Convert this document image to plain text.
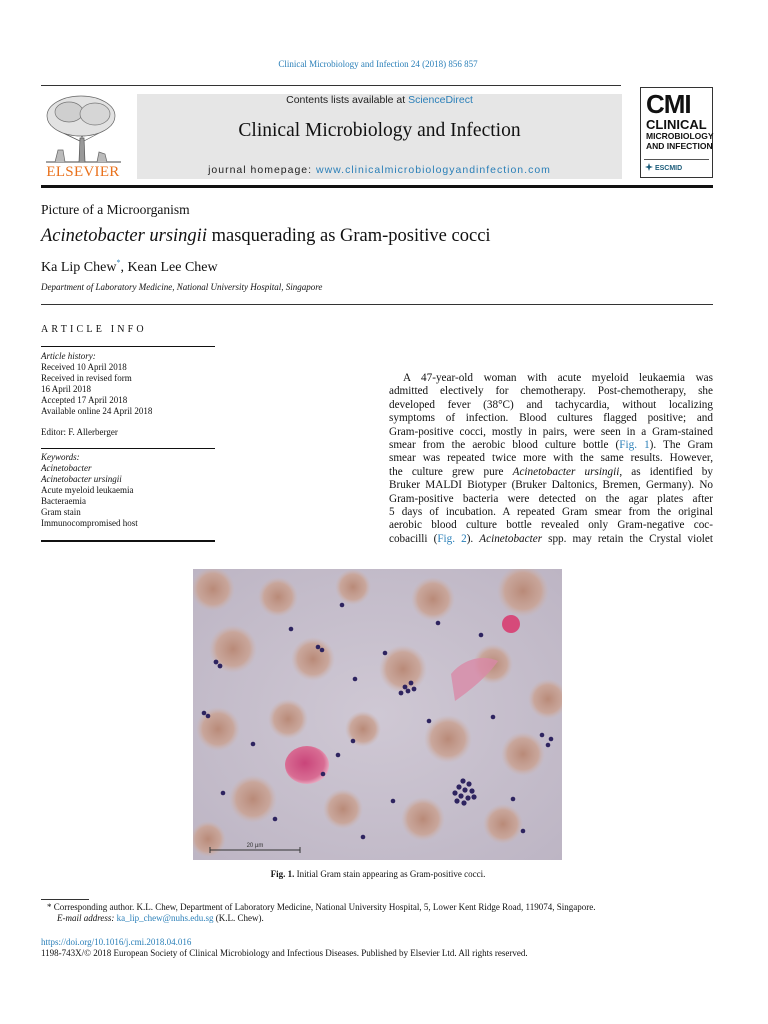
Clinical Microbiology and Infection 24 (2018) 856 857
ELSEVIER
Contents lists available at ScienceDirect
Clinical Microbiology and Infection
journal homepage: www.clinicalmicrobiologyandinfection.com
CMI
CLINICAL
MICROBIOLOGY
AND INFECTION
ESCMID
Picture of a Microorganism
Acinetobacter ursingii masquerading as Gram-positive cocci
Ka Lip Chew*, Kean Lee Chew
Department of Laboratory Medicine, National University Hospital, Singapore
ARTICLE INFO
Article history:
Received 10 April 2018
Received in revised form
16 April 2018
Accepted 17 April 2018
Available online 24 April 2018
Editor: F. Allerberger
Keywords:
Acinetobacter
Acinetobacter ursingii
Acute myeloid leukaemia
Bacteraemia
Gram stain
Immunocompromised host
A 47-year-old woman with acute myeloid leukaemia was
admitted electively for chemotherapy. Post-chemotherapy, she
developed fever (38°C) and tachycardia, without localizing
symptoms of infection. Blood cultures flagged positive; and
Gram-positive cocci, mostly in pairs, were seen in a Gram-stained
smear from the aerobic blood culture bottle (Fig. 1). The Gram
smear was repeated twice more with the same results. However,
the culture grew pure Acinetobacter ursingii, as identified by
Bruker MALDI Biotyper (Bruker Daltonics, Bremen, Germany). No
Gram-positive bacteria were detected on the agar plates after
5 days of incubation. A repeated Gram smear from the original
aerobic blood culture bottle revealed only Gram-negative coc-
cobacilli (Fig. 2). Acinetobacter spp. may retain the Crystal violet
20 µm
Fig. 1. Initial Gram stain appearing as Gram-positive cocci.
* Corresponding author. K.L. Chew, Department of Laboratory Medicine, National University Hospital, 5, Lower Kent Ridge Road, 119074, Singapore.
E-mail address: ka_lip_chew@nuhs.edu.sg (K.L. Chew).
https://doi.org/10.1016/j.cmi.2018.04.016
1198-743X/© 2018 European Society of Clinical Microbiology and Infectious Diseases. Published by Elsevier Ltd. All rights reserved.
